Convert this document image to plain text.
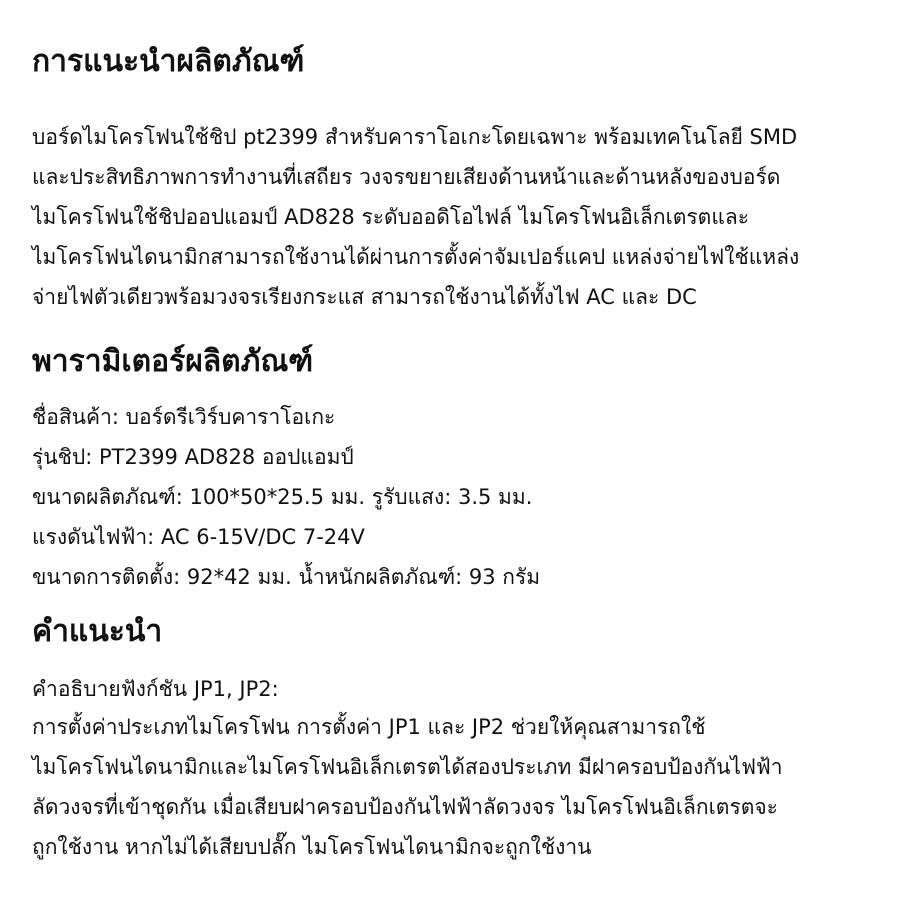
การแนะนำผลิตภัณฑ์
บอร์ดไมโครโฟนใช้ชิป pt2399 สำหรับคาราโอเกะโดยเฉพาะ พร้อมเทคโนโลยี SMD
และประสิทธิภาพการทำงานที่เสถียร วงจรขยายเสียงด้านหน้าและด้านหลังของบอร์ด
ไมโครโฟนใช้ชิปออปแอมป์ AD828 ระดับออดิโอไฟล์ ไมโครโฟนอิเล็กเตรตและ
ไมโครโฟนไดนามิกสามารถใช้งานได้ผ่านการตั้งค่าจัมเปอร์แคป แหล่งจ่ายไฟใช้แหล่ง
จ่ายไฟตัวเดียวพร้อมวงจรเรียงกระแส สามารถใช้งานได้ทั้งไฟ AC และ DC
พารามิเตอร์ผลิตภัณฑ์
ชื่อสินค้า: บอร์ดรีเวิร์บคาราโอเกะ
รุ่นชิป: PT2399 AD828 ออปแอมป์
ขนาดผลิตภัณฑ์: 100*50*25.5 มม. รูรับแสง: 3.5 มม.
แรงดันไฟฟ้า: AC 6-15V/DC 7-24V
ขนาดการติดตั้ง: 92*42 มม. น้ำหนักผลิตภัณฑ์: 93 กรัม
คำแนะนำ
คำอธิบายฟังก์ชัน JP1, JP2:
การตั้งค่าประเภทไมโครโฟน การตั้งค่า JP1 และ JP2 ช่วยให้คุณสามารถใช้
ไมโครโฟนไดนามิกและไมโครโฟนอิเล็กเตรตได้สองประเภท มีฝาครอบป้องกันไฟฟ้า
ลัดวงจรที่เข้าชุดกัน เมื่อเสียบฝาครอบป้องกันไฟฟ้าลัดวงจร ไมโครโฟนอิเล็กเตรตจะ
ถูกใช้งาน หากไม่ได้เสียบปลั๊ก ไมโครโฟนไดนามิกจะถูกใช้งาน
